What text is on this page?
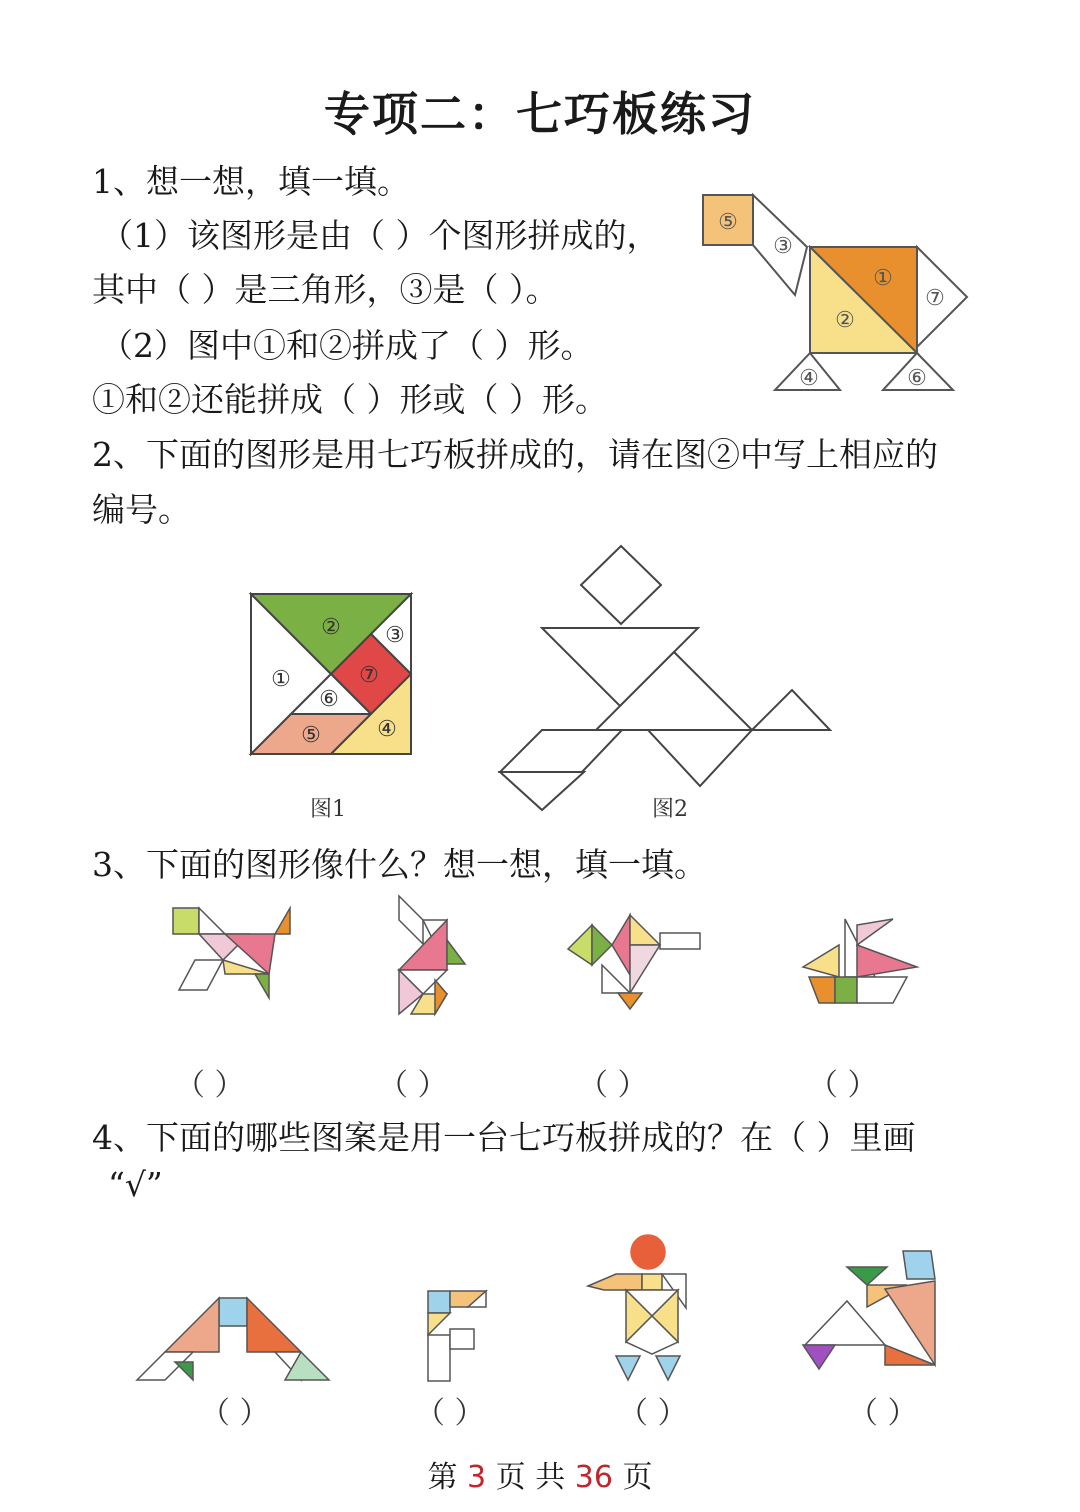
专项二：七巧板练习
1、想一想，填一填。
（1）该图形是由（ ）个图形拼成的，
其中（ ）是三角形，③是（ ）。
（2）图中①和②拼成了（ ）形。
①和②还能拼成（ ）形或（ ）形。
⑤
③
①
②
⑦
④	⑥
2、下面的图形是用七巧板拼成的，请在图②中写上相应的
编号。
①
② ③
④
⑤
⑥
⑦
图1	图2
3、下面的图形像什么？想一想，填一填。
（ ）	（ ）	（ ）	（ ）
4、下面的哪些图案是用一台七巧板拼成的？在（ ）里画
“√”
（ ）	（ ）	（ ）	（ ）
第 3 页 共 36 页
